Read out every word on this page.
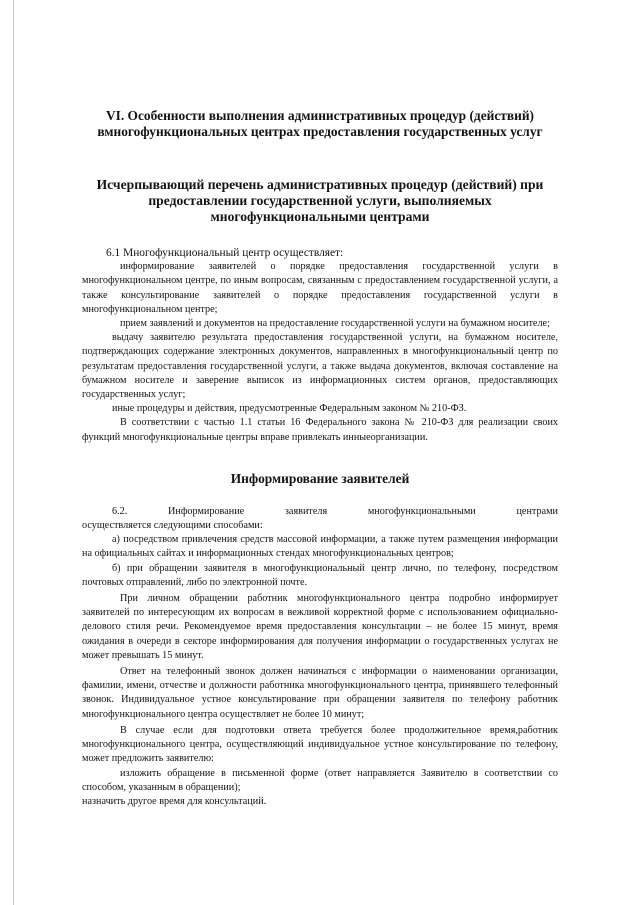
VI. Особенности выполнения административных процедур (действий) вмногофункциональных центрах предоставления государственных услуг

Исчерпывающий перечень административных процедур (действий) при предоставлении государственной услуги, выполняемых многофункциональными центрами

6.1 Многофункциональный центр осуществляет:

информирование заявителей о порядке предоставления государственной услуги в многофункциональном центре, по иным вопросам, связанным с предоставлением государственной услуги, а также консультирование заявителей о порядке предоставления государственной услуги в многофункциональном центре;

прием заявлений и документов на предоставление государственной услуги на бумажном носителе;

выдачу заявителю результата предоставления государственной услуги, на бумажном носителе, подтверждающих содержание электронных документов, направленных в многофункциональный центр по результатам предоставления государственной услуги, а также выдача документов, включая составление на бумажном носителе и заверение выписок из информационных систем органов, предоставляющих государственных услуг;

иные процедуры и действия, предусмотренные Федеральным законом № 210-ФЗ.

В соответствии с частью 1.1 статьи 16 Федерального закона № 210-ФЗ для реализации своих функций многофункциональные центры вправе привлекать инныеорганизации.

Информирование заявителей

6.2.	Информирование	заявителя	многофункциональными	центрами

осуществляется следующими способами:

а) посредством привлечения средств массовой информации, а также путем размещения информации на официальных сайтах и информационных стендах многофункциональных центров;

б) при обращении заявителя в многофункциональный центр лично, по телефону, посредством почтовых отправлений, либо по электронной почте.

При личном обращении работник многофункционального центра подробно информирует заявителей по интересующим их вопросам в вежливой корректной форме с использованием официально-делового стиля речи. Рекомендуемое время предоставления консультации – не более 15 минут, время ожидания в очереди в секторе информирования для получения информации о государственных услугах не может превышать 15 минут.

Ответ на телефонный звонок должен начинаться с информации о наименовании организации, фамилии, имени, отчестве и должности работника многофункционального центра, принявшего телефонный звонок. Индивидуальное устное консультирование при обращении заявителя по телефону работник многофункционального центра осуществляет не более 10 минут;

В случае если для подготовки ответа требуется более продолжительное время,работник многофункционального центра, осуществляющий индивидуальное устное консультирование по телефону, может предложить заявителю:

изложить обращение в письменной форме (ответ направляется Заявителю в соответствии со способом, указанным в обращении);

назначить другое время для консультаций.
